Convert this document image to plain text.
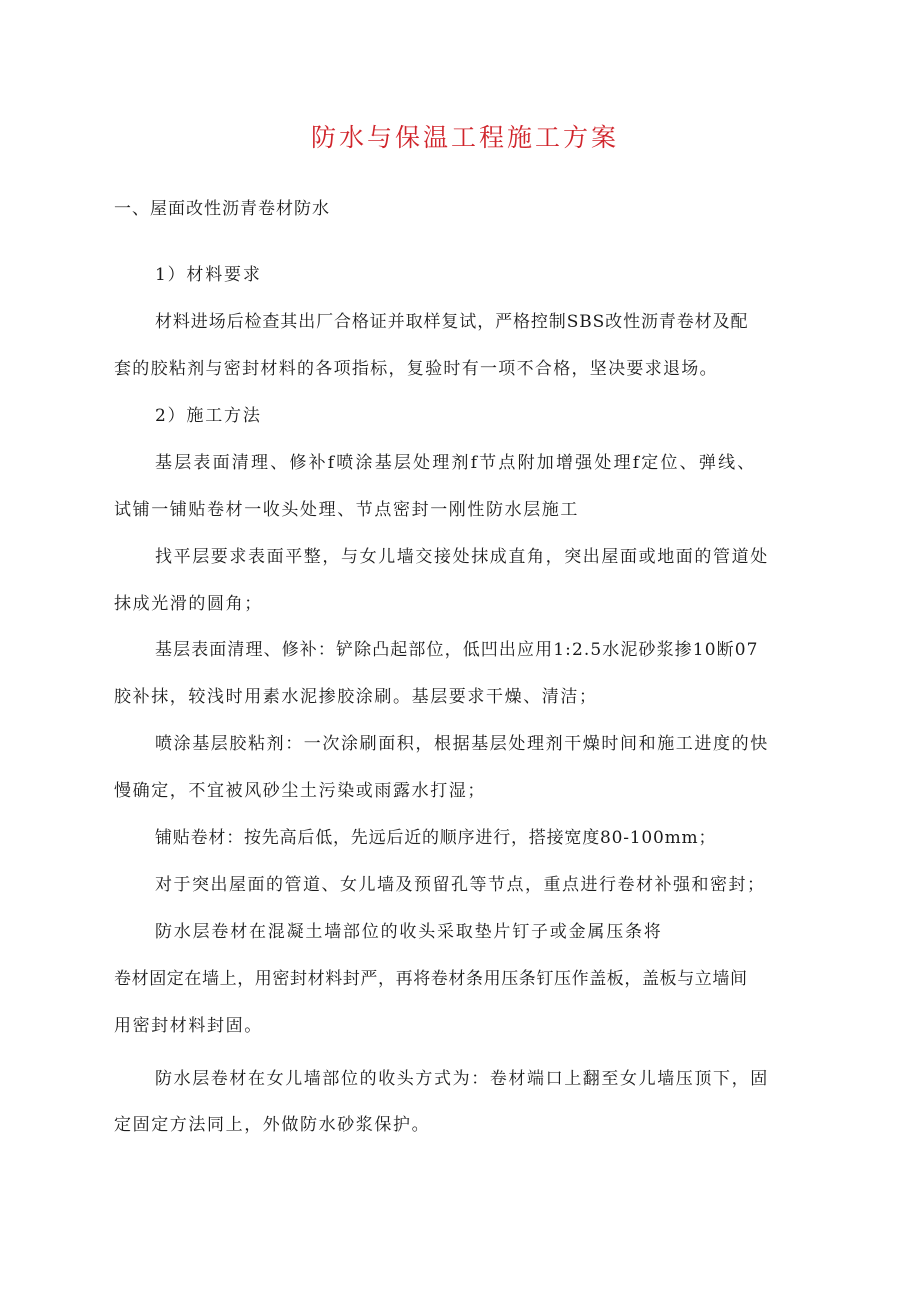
防水与保温工程施工方案

一、屋面改性沥青卷材防水

1）材料要求

材料进场后检查其出厂合格证并取样复试，严格控制SBS改性沥青卷材及配

套的胶粘剂与密封材料的各项指标，复验时有一项不合格，坚决要求退场。

2）施工方法

基层表面清理、修补f喷涂基层处理剂f节点附加增强处理f定位、弹线、

试铺一铺贴卷材一收头处理、节点密封一刚性防水层施工

找平层要求表面平整，与女儿墙交接处抹成直角，突出屋面或地面的管道处

抹成光滑的圆角；

基层表面清理、修补：铲除凸起部位，低凹出应用1:2.5水泥砂浆掺10断07

胶补抹，较浅时用素水泥掺胶涂刷。基层要求干燥、清洁；

喷涂基层胶粘剂：一次涂刷面积，根据基层处理剂干燥时间和施工进度的快

慢确定，不宜被风砂尘土污染或雨露水打湿；

铺贴卷材：按先高后低，先远后近的顺序进行，搭接宽度80-100mm；

对于突出屋面的管道、女儿墙及预留孔等节点，重点进行卷材补强和密封；

防水层卷材在混凝土墙部位的收头采取垫片钉子或金属压条将

卷材固定在墙上，用密封材料封严，再将卷材条用压条钉压作盖板，盖板与立墙间

用密封材料封固。

防水层卷材在女儿墙部位的收头方式为：卷材端口上翻至女儿墙压顶下，固

定固定方法同上，外做防水砂浆保护。
